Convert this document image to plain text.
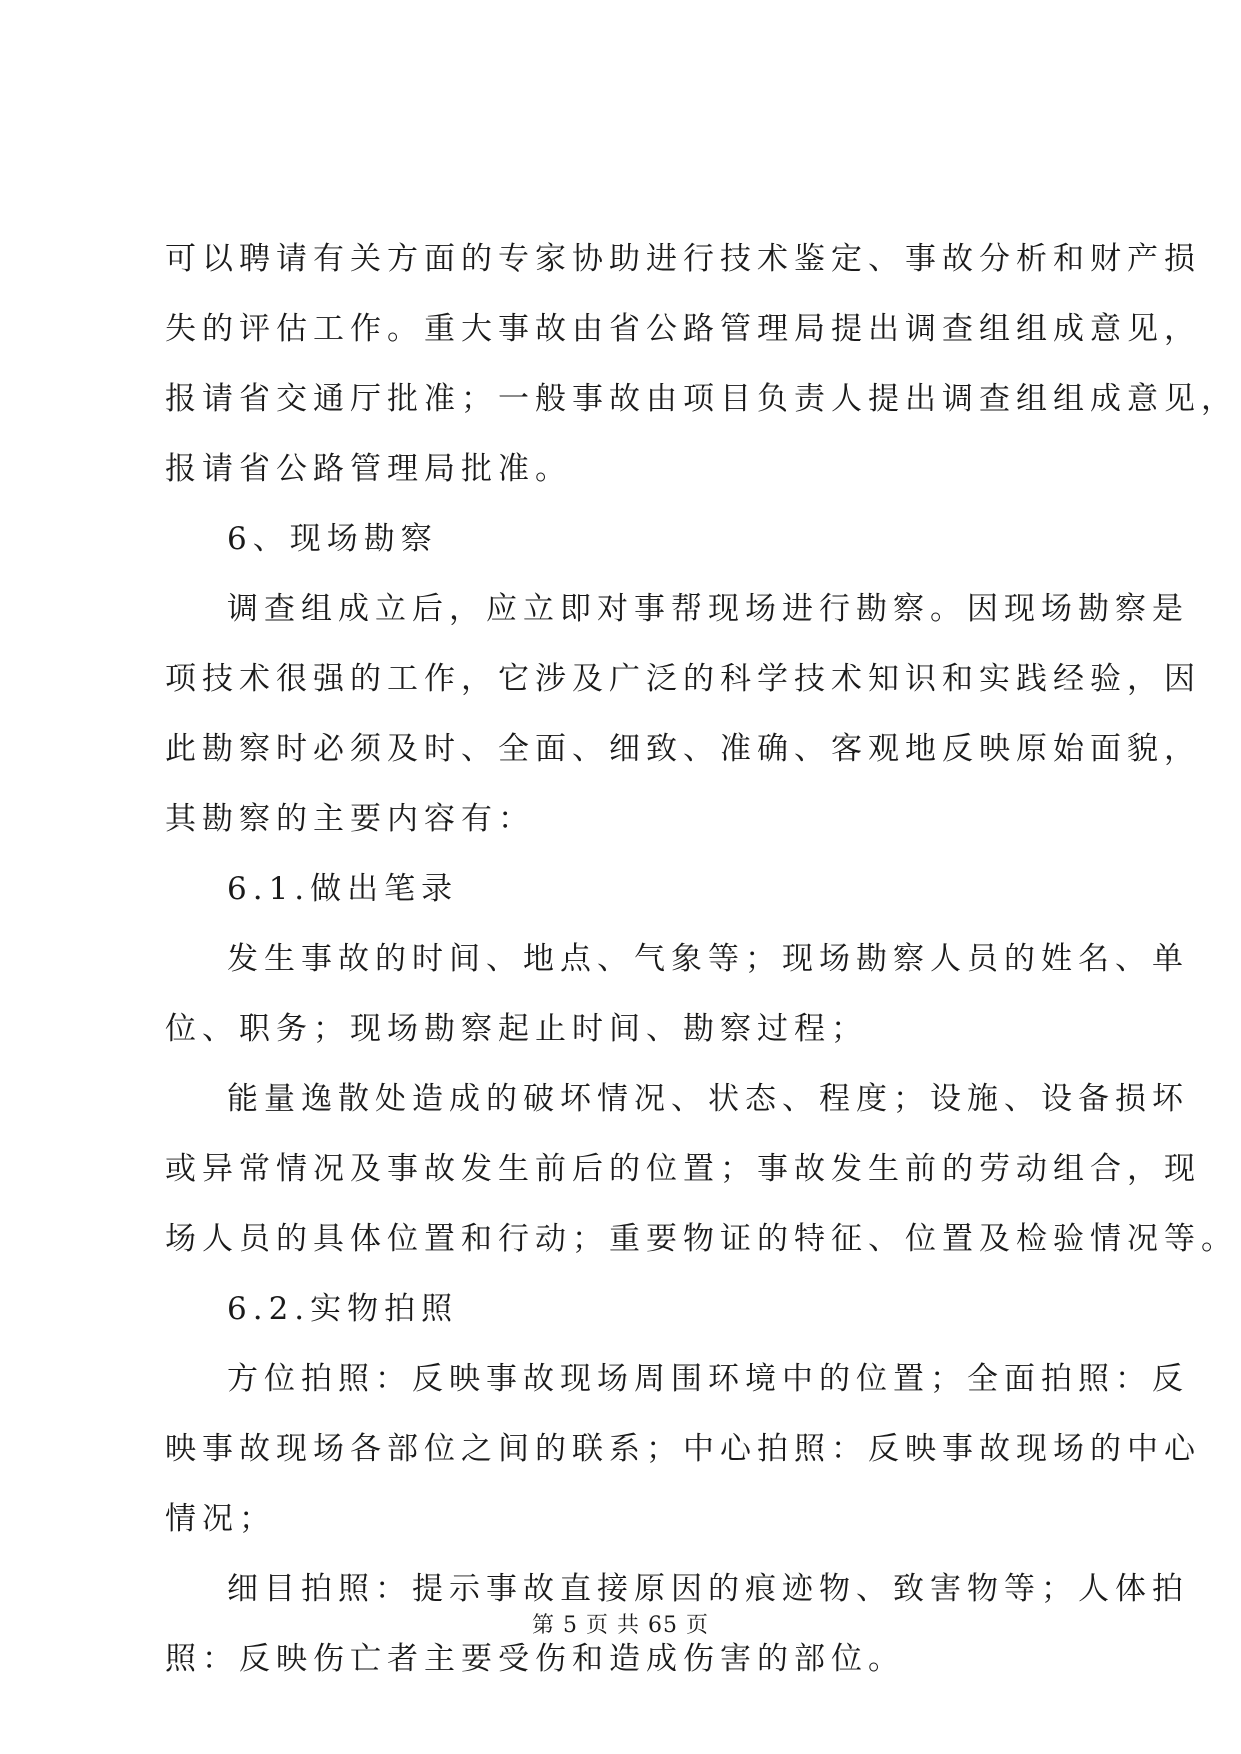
可以聘请有关方面的专家协助进行技术鉴定、事故分析和财产损
失的评估工作。重大事故由省公路管理局提出调查组组成意见，
报请省交通厅批准；一般事故由项目负责人提出调查组组成意见，
报请省公路管理局批准。
6、现场勘察
调查组成立后，应立即对事帮现场进行勘察。因现场勘察是
项技术很强的工作，它涉及广泛的科学技术知识和实践经验，因
此勘察时必须及时、全面、细致、准确、客观地反映原始面貌，
其勘察的主要内容有：
6.1.做出笔录
发生事故的时间、地点、气象等；现场勘察人员的姓名、单
位、职务；现场勘察起止时间、勘察过程；
能量逸散处造成的破坏情况、状态、程度；设施、设备损坏
或异常情况及事故发生前后的位置；事故发生前的劳动组合，现
场人员的具体位置和行动；重要物证的特征、位置及检验情况等。
6.2.实物拍照
方位拍照：反映事故现场周围环境中的位置；全面拍照：反
映事故现场各部位之间的联系；中心拍照：反映事故现场的中心
情况；
细目拍照：提示事故直接原因的痕迹物、致害物等；人体拍
照：反映伤亡者主要受伤和造成伤害的部位。
第 5 页 共 65 页
